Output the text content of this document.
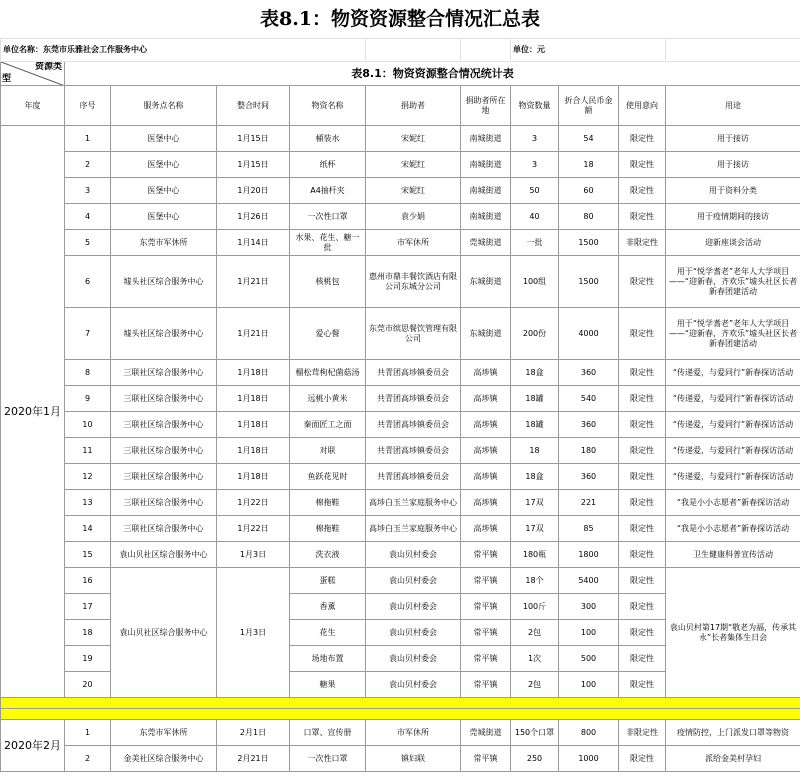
表8.1：物资资源整合情况汇总表
单位名称：东莞市乐雅社会工作服务中心							单位：元			

资源类
型	表8.1：物资资源整合情况统计表									
年度	序号	服务点名称	整合时间	物资名称	捐助者	捐助者所在地	物资数量	折合人民币金额	使用意向	用途
2020年1月	1	医堡中心	1月15日	桶装水	宋妮红	南城街道	3	54	限定性	用于接访
	2	医堡中心	1月15日	纸杯	宋妮红	南城街道	3	18	限定性	用于接访
	3	医堡中心	1月20日	A4抽杆夹	宋妮红	南城街道	50	60	限定性	用于资料分类
	4	医堡中心	1月26日	一次性口罩	袁少娟	南城街道	40	80	限定性	用于疫情期间的接访
	5	东莞市军休所	1月14日	水果、花生、糖一批	市军休所	莞城街道	一批	1500	非限定性	迎新座谈会活动
	6	墟头社区综合服务中心	1月21日	核桃包	惠州市鼎丰餐饮酒店有限公司东城分公司	东城街道	100组	1500	限定性	用于“悦学耆老”老年人大学项目——“迎新春，齐欢乐”墟头社区长者新春团建活动
	7	墟头社区综合服务中心	1月21日	爱心餐	东莞市缤思餐饮管理有限公司	东城街道	200份	4000	限定性	用于“悦学耆老”老年人大学项目——“迎新春，齐欢乐”墟头社区长者新春团建活动
	8	三联社区综合服务中心	1月18日	榴松茸枸杞菌菇汤	共青团高埗镇委员会	高埗镇	18盒	360	限定性	“传递爱，与爱同行”新春探访活动
	9	三联社区综合服务中心	1月18日	远桃小黄米	共青团高埗镇委员会	高埗镇	18罐	540	限定性	“传递爱，与爱同行”新春探访活动
	10	三联社区综合服务中心	1月18日	秦面匠工之面	共青团高埗镇委员会	高埗镇	18罐	360	限定性	“传递爱，与爱同行”新春探访活动
	11	三联社区综合服务中心	1月18日	对联	共青团高埗镇委员会	高埗镇	18	180	限定性	“传递爱，与爱同行”新春探访活动
	12	三联社区综合服务中心	1月18日	鱼跃花见时	共青团高埗镇委员会	高埗镇	18盒	360	限定性	“传递爱，与爱同行”新春探访活动
	13	三联社区综合服务中心	1月22日	棉拖鞋	高埗白玉兰家庭服务中心	高埗镇	17双	221	限定性	“我是小小志愿者”新春探访活动
	14	三联社区综合服务中心	1月22日	棉拖鞋	高埗白玉兰家庭服务中心	高埗镇	17双	85	限定性	“我是小小志愿者”新春探访活动
	15	袁山贝社区综合服务中心	1月3日	洗衣液	袁山贝村委会	常平镇	180瓶	1800	限定性	卫生健康科普宣传活动
	16	袁山贝社区综合服务中心	1月3日	蛋糕	袁山贝村委会	常平镇	18个	5400	限定性	袁山贝村第17期“敬老为福，传承其永”长者集体生日会
	17			香薰	袁山贝村委会	常平镇	100斤	300	限定性	
	18			花生	袁山贝村委会	常平镇	2包	100	限定性	
	19			场地布置	袁山贝村委会	常平镇	1次	500	限定性	
	20			糖果	袁山贝村委会	常平镇	2包	100	限定性	

2020年2月	1	东莞市军休所	2月1日	口罩、宣传册	市军休所	莞城街道	150个口罩	800	非限定性	疫情防控，上门派发口罩等物资
	2	金美社区综合服务中心	2月21日	一次性口罩	镇妇联	常平镇	250	1000	限定性	派给金美村孕妇
